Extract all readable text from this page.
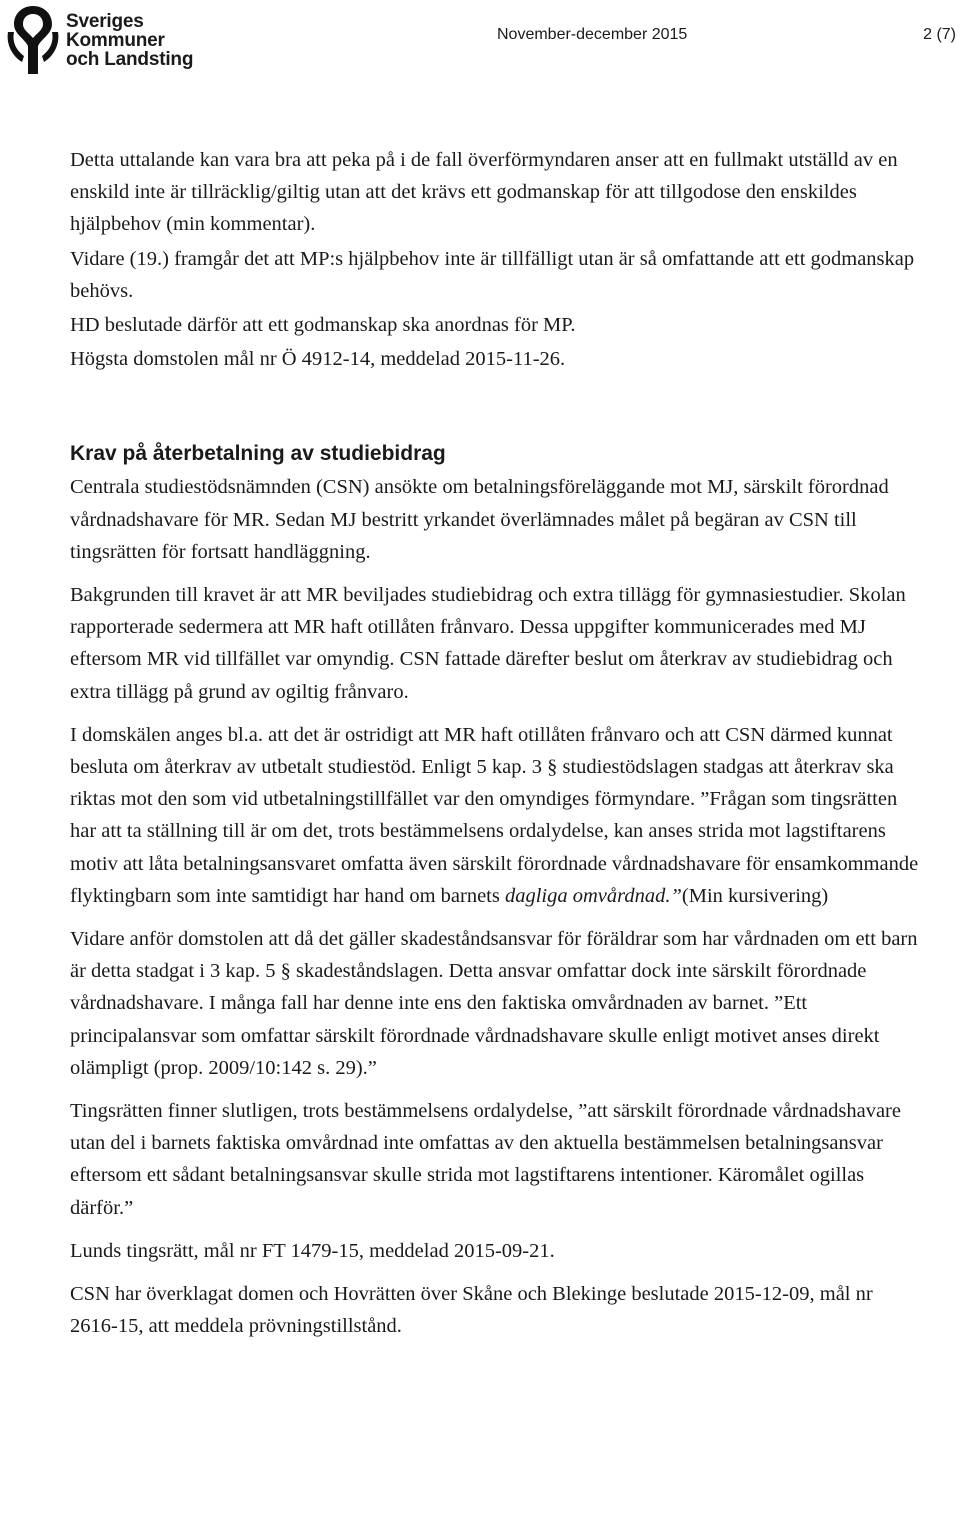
Sveriges
Kommuner
och Landsting
November-december 2015	2 (7)

Detta uttalande kan vara bra att peka på i de fall överförmyndaren anser att en fullmakt utställd av en enskild inte är tillräcklig/giltig utan att det krävs ett godmanskap för att tillgodose den enskildes hjälpbehov (min kommentar).

Vidare (19.) framgår det att MP:s hjälpbehov inte är tillfälligt utan är så omfattande att ett godmanskap behövs.

HD beslutade därför att ett godmanskap ska anordnas för MP.

Högsta domstolen mål nr Ö 4912-14, meddelad 2015-11-26.

Krav på återbetalning av studiebidrag

Centrala studiestödsnämnden (CSN) ansökte om betalningsföreläggande mot MJ, särskilt förordnad vårdnadshavare för MR. Sedan MJ bestritt yrkandet överlämnades målet på begäran av CSN till tingsrätten för fortsatt handläggning.

Bakgrunden till kravet är att MR beviljades studiebidrag och extra tillägg för gymnasiestudier. Skolan rapporterade sedermera att MR haft otillåten frånvaro. Dessa uppgifter kommunicerades med MJ eftersom MR vid tillfället var omyndig. CSN fattade därefter beslut om återkrav av studiebidrag och extra tillägg på grund av ogiltig frånvaro.

I domskälen anges bl.a. att det är ostridigt att MR haft otillåten frånvaro och att CSN därmed kunnat besluta om återkrav av utbetalt studiestöd. Enligt 5 kap. 3 § studiestödslagen stadgas att återkrav ska riktas mot den som vid utbetalningstillfället var den omyndiges förmyndare. ”Frågan som tingsrätten har att ta ställning till är om det, trots bestämmelsens ordalydelse, kan anses strida mot lagstiftarens motiv att låta betalningsansvaret omfatta även särskilt förordnade vårdnadshavare för ensamkommande flyktingbarn som inte samtidigt har hand om barnets dagliga omvårdnad.”(Min kursivering)

Vidare anför domstolen att då det gäller skadeståndsansvar för föräldrar som har vårdnaden om ett barn är detta stadgat i 3 kap. 5 § skadeståndslagen. Detta ansvar omfattar dock inte särskilt förordnade vårdnadshavare. I många fall har denne inte ens den faktiska omvårdnaden av barnet. ”Ett principalansvar som omfattar särskilt förordnade vårdnadshavare skulle enligt motivet anses direkt olämpligt (prop. 2009/10:142 s. 29).”

Tingsrätten finner slutligen, trots bestämmelsens ordalydelse, ”att särskilt förordnade vårdnadshavare utan del i barnets faktiska omvårdnad inte omfattas av den aktuella bestämmelsen betalningsansvar eftersom ett sådant betalningsansvar skulle strida mot lagstiftarens intentioner. Käromålet ogillas därför.”

Lunds tingsrätt, mål nr FT 1479-15, meddelad 2015-09-21.

CSN har överklagat domen och Hovrätten över Skåne och Blekinge beslutade 2015-12-09, mål nr 2616-15, att meddela prövningstillstånd.
